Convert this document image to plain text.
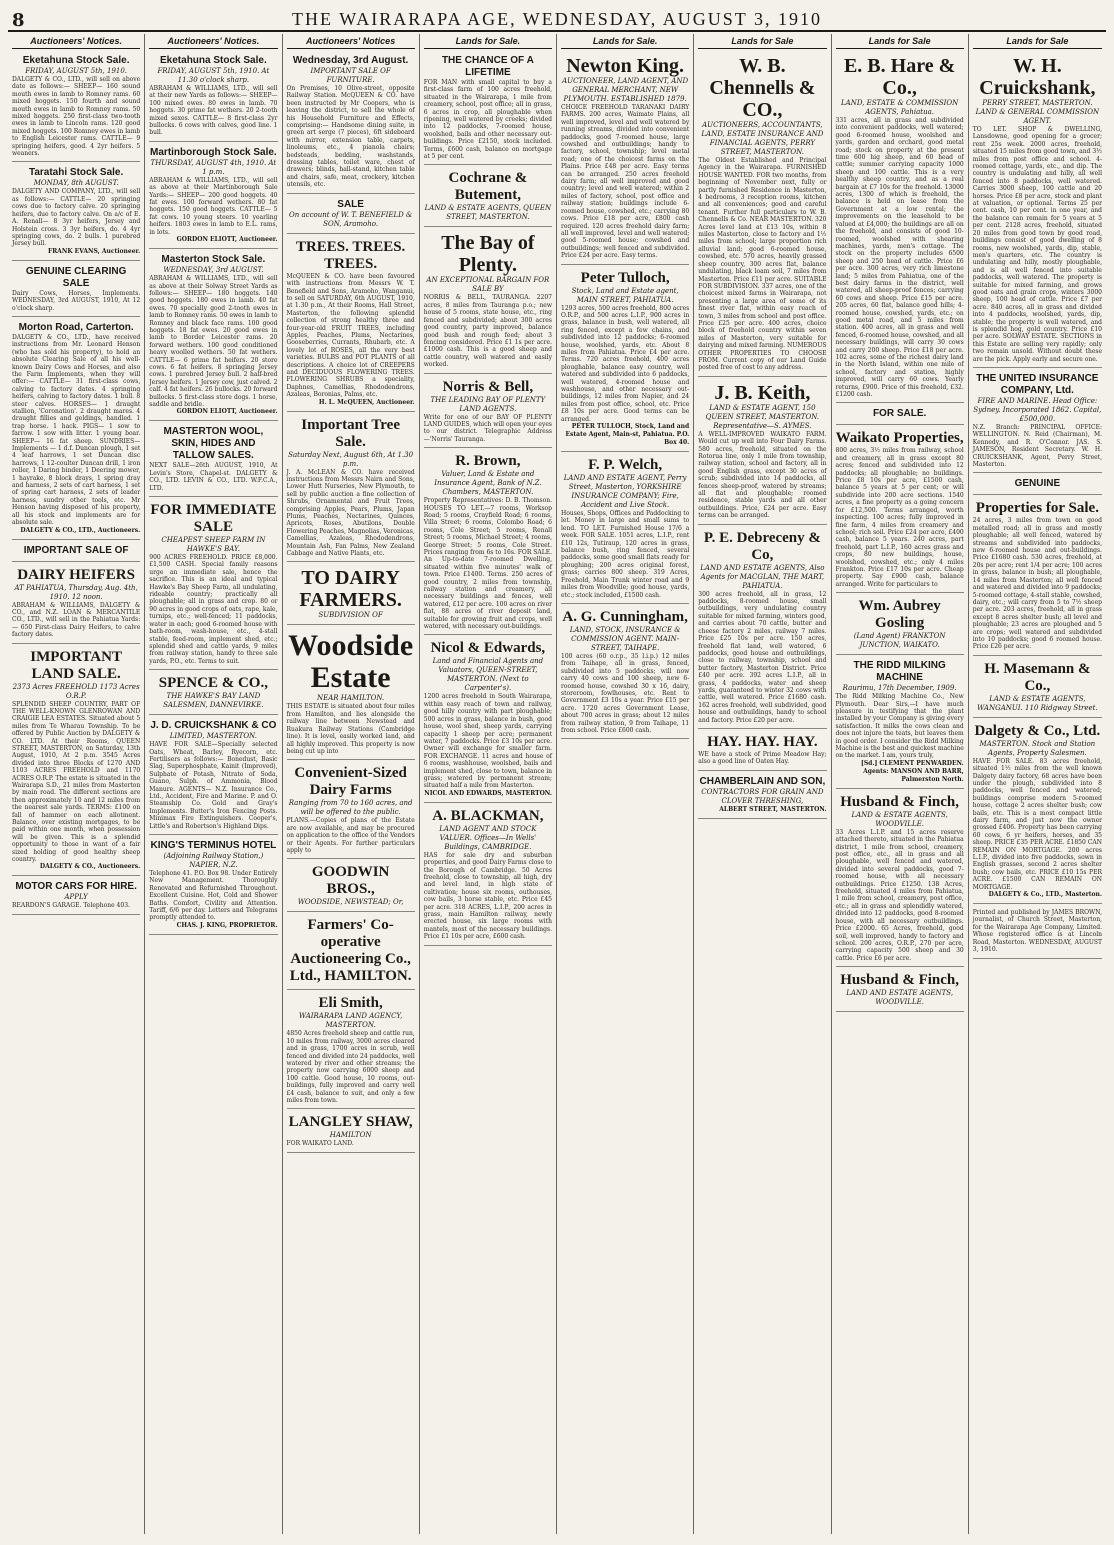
8	THE WAIRARAPA AGE, WEDNESDAY, AUGUST 3, 1910
Auctioneers' Notices.
Eketahuna Stock Sale.
FRIDAY, AUGUST 5th, 1910.
DALGETY & CO., LTD., will sell on above date as follows:— SHEEP— 160 sound mouth ewes in lamb to Romney rams. 60 mixed hoggets. 150 fourth and sound mouth ewes in lamb to Romney rams. 50 mixed hoggets. 250 first-class two-tooth ewes in lamb to Lincoln rams. 120 good mixed hoggets. 100 Romney ewes in lamb to English Leicester rams. CATTLE— 9 springing heifers, good. 4 2yr heifers. 5 weaners.
Taratahi Stock Sale.
MONDAY, 8th AUGUST.
DALGETY AND COMPANY, LTD., will sell as follows:— CATTLE— 20 springing cows due to factory calve. 20 springing heifers, due to factory calve. On a/c of E. A. Renall— 8 3yr heifers, Jersey and Holstein cross. 3 3yr heifers, do. 4 4yr springing cows, do. 2 bulls. 1 purebred Jersey bull.
FRANK EVANS, Auctioneer.
GENUINE CLEARING SALE
Dairy Cows, Horses, Implements. WEDNESDAY, 3rd AUGUST, 1910, At 12 o'clock sharp.
Morton Road, Carterton.
DALGETY & CO., LTD., have received instructions from Mr. Leonard Henson (who has sold his property), to hold an absolute Clearing Sale of all his well-known Dairy Cows and Horses, and also the Farm Implements, when they will offer:— CATTLE— 31 first-class cows, calving to factory dates. 4 springing heifers, calving to factory dates. 1 bull. 8 steer calves. HORSES— 1 draught stallion, 'Coronation'. 2 draught mares. 4 draught fillies and geldings, handled. 1 trap horse. 1 hack. PIGS— 1 sow to farrow. 1 sow with litter. 1 young boar. SHEEP— 16 fat sheep. SUNDRIES— Implements — 1 d.f. Duncan plough, 1 set 4 leaf harrows, 1 set Duncan disc harrows, 1 12-coulter Duncan drill, 1 iron roller, 1 Daring binder, 1 Deering mower, 1 hayrake, 8 block drays, 1 spring dray and harness, 2 sets of cart harness, 1 set of spring cart harness, 2 sets of leader harness, sundry other tools, etc. Mr Henson having disposed of his property, all his stock and implements are for absolute sale.
DALGETY & CO., LTD., Auctioneers.
IMPORTANT SALE OF
DAIRY HEIFERS
AT PAHIATUA, Thursday, Aug. 4th, 1910. 12 noon.
ABRAHAM & WILLIAMS, DALGETY & CO., and N.Z. LOAN & MERCANTILE CO., LTD., will sell in the Pahiatua Yards:— 650 First-class Dairy Heifers, to calve factory dates.
IMPORTANT LAND SALE.
2373 Acres FREEHOLD 1173 Acres O.R.P.
SPLENDID SHEEP COUNTRY, PART OF THE WELL-KNOWN GLENROWAN AND CRAIGIE LEA ESTATES. Situated about 5 miles from Te Wharau Township. To be offered by Public Auction by DALGETY & CO. LTD. At their Rooms, QUEEN STREET, MASTERTON, on Saturday, 13th August, 1910, At 2 p.m. 3545 Acres divided into three Blocks of 1270 AND 1103 ACRES FREEHOLD and 1170 ACRES O.R.P. The estate is situated in the Wairarapa S.D., 21 miles from Masterton by main road. The different sections are then approximately 10 and 12 miles from the nearest sale yards. TERMS: £100 on fall of hammer on each allotment. Balance, over existing mortgages, to be paid within one month, when possession will be given. This is a splendid opportunity to those in want of a fair sized holding of good healthy sheep country.
DALGETY & CO., Auctioneers.
MOTOR CARS FOR HIRE.
APPLY
REARDON'S GARAGE. Telephone 403.
Auctioneers' Notices.
Eketahuna Stock Sale.
FRIDAY, AUGUST 5th, 1910. At 11.30 o'clock sharp.
ABRAHAM & WILLIAMS, LTD., will sell at their new Yards as follows:— SHEEP— 100 mixed ewes. 80 ewes in lamb. 70 hoggets. 30 prime fat wethers. 20 2-tooth mixed sexes. CATTLE— 8 first-class 2yr bullocks. 6 cows with calves, good line. 1 bull.
Martinborough Stock Sale.
THURSDAY, AUGUST 4th, 1910. At 1 p.m.
ABRAHAM & WILLIAMS, LTD., will sell as above at their Martinborough Sale Yards:— SHEEP— 200 good hoggets. 40 fat ewes. 100 forward wethers. 80 fat hoggets. 150 good hoggets. CATTLE— 5 fat cows. 10 young steers. 10 yearling heifers. 1803 ewes in lamb to E.L. rams, in lots.
GORDON ELIOTT, Auctioneer.
Masterton Stock Sale.
WEDNESDAY, 3rd AUGUST.
ABRAHAM & WILLIAMS, LTD., will sell as above at their Solway Street Yards as follows:— SHEEP— 180 hoggets. 140 good hoggets. 180 ewes in lamb. 40 fat ewes. 70 specially good 2-tooth ewes in lamb to Romney rams. 50 ewes in lamb to Romney and black face rams. 100 good hoggets. 18 fat ewes. 20 good ewes in lamb to Border Leicester rams. 20 forward wethers. 100 good conditioned heavy woolled wethers. 50 fat wethers. CATTLE— 6 prime fat heifers. 20 store cows. 6 fat heifers. 8 springing Jersey cows. 1 purebred Jersey bull. 2 half-bred Jersey heifers. 1 Jersey cow, just calved. 2 calf. 4 fat heifers. 26 bullocks. 20 forward bullocks. 5 first-class store dogs. 1 horse, saddle and bridle.
GORDON ELIOTT, Auctioneer.
MASTERTON WOOL, SKIN, HIDES AND TALLOW SALES.
NEXT SALE—26th AUGUST, 1910, At Levin's Store, Chapel-st. DALGETY & CO., LTD. LEVIN & CO., LTD. W.F.C.A., LTD.
FOR IMMEDIATE SALE
CHEAPEST SHEEP FARM IN HAWKE'S BAY.
900 ACRES FREEHOLD. PRICE £8,000. £1,500 CASH. Special family reasons urge an immediate sale, hence the sacrifice. This is an ideal and typical Hawke's Bay Sheep Farm, all undulating, rideable country; practically all ploughable; all in grass and crop. 80 or 90 acres in good crops of oats, rape, kale, turnips, etc.; well-fenced; 11 paddocks, water in each; good 6-roomed house with bath-room, wash-house, etc., 4-stall stable, feed-room, implement shed, etc.; splendid shed and cattle yards, 9 miles from railway station, handy to three sale yards, P.O., etc. Terms to suit.
SPENCE & CO.,
THE HAWKE'S BAY LAND SALESMEN, DANNEVIRKE.
J. D. CRUICKSHANK & CO
LIMITED, MASTERTON.
HAVE FOR SALE—Specially selected Oats, Wheat, Barley, Ryecorn, etc. Fertilisers as follows:— Bonedust, Basic Slag, Superphosphate, Kainit (Improved), Sulphate of Potash, Nitrate of Soda, Guano, Sulph. of Ammonia, Blood Manure. AGENTS— N.Z. Insurance Co., Ltd., Accident, Fire and Marine. P. and O. Steamship Co. Gold and Gray's Implements. Butter's Iron Fencing Posts. Minimax Fire Extinguishers. Cooper's, Little's and Robertson's Highland Dips.
KING'S TERMINUS HOTEL
(Adjoining Railway Station,) NAPIER, N.Z.
Telephone 41. P.O. Box 98. Under Entirely New Management. Thoroughly Renovated and Refurnished Throughout. Excellent Cuisine. Hot, Cold and Shower Baths. Comfort, Civility and Attention. Tariff, 6/6 per day. Letters and Telegrams promptly attended to.
CHAS. J. KING, PROPRIETOR.
Auctioneers' Notices
Wednesday, 3rd August.
IMPORTANT SALE OF FURNITURE.
On Premises, 10 Olive-street, opposite Railway Station. McQUEEN & CO. have been instructed by Mr Coopers, who is leaving the district, to sell the whole of his Household Furniture and Effects, comprising:— Handsome dining suite, in green art serge (7 pieces), 6ft sideboard with mirror, extension table, carpets, linoleums, etc., 4 pianola chairs; bedsteads, bedding, washstands, dressing tables, toilet ware, chest of drawers; blinds, hall-stand, kitchen table and chairs, safe, meat, crockery, kitchen utensils, etc.
SALE
On account of W. T. BENEFIELD & SON, Aramoho.
TREES. TREES. TREES.
McQUEEN & CO. have been favoured with instructions from Messrs W. T. Benefield and Sons, Aramoho, Wanganui, to sell on SATURDAY, 6th AUGUST, 1910, at 1.30 p.m., At their Rooms, Hall Street, Masterton, the following splendid collection of strong healthy three and four-year-old FRUIT TREES, including Apples, Peaches, Plums, Nectarines, Gooseberries, Currants, Rhubarb, etc. A lovely lot of ROSES, all the very best varieties. BULBS and POT PLANTS of all descriptions. A choice lot of CREEPERS and DECIDUOUS FLOWERING TREES. FLOWERING SHRUBS a speciality, Daphnes, Camellias, Rhododendrons, Azaleas, Boronias, Palms, etc.
H. L. McQUEEN, Auctioneer.
Important Tree Sale.
Saturday Next, August 6th, At 1.30 p.m.
J. A. McLEAN & CO. have received instructions from Messrs Nairn and Sons, Lower Hutt Nurseries, New Plymouth, to sell by public auction a fine collection of Shrubs, Ornamental and Fruit Trees, comprising Apples, Pears, Plums, Japan Plums, Peaches, Nectarines, Quinces, Apricots, Roses, Abutilons, Double Flowering Peaches, Magnolias, Veronicas, Camellias, Azaleas, Rhododendrons, Mountain Ash, Fan Palms, New Zealand Cabbage and Native Plants, etc.
TO DAIRY FARMERS.
SUBDIVISION OF
Woodside Estate
NEAR HAMILTON.
THIS ESTATE is situated about four miles from Hamilton, and lies alongside the railway line between Newstead and Ruakura Railway Stations (Cambridge line). It is level, easily worked land, and all highly improved. This property is now being cut up into
Convenient-Sized Dairy Farms
Ranging from 70 to 160 acres, and will be offered to the public.
PLANS.—Copies of plans of the Estate are now available, and may be procured on application to the office of the Vendors or their Agents. For further particulars apply to
GOODWIN BROS.,
WOODSIDE, NEWSTEAD; Or,
Farmers' Co-operative Auctioneering Co., Ltd., HAMILTON.
Eli Smith,
WAIRARAPA LAND AGENCY, MASTERTON.
4850 Acres freehold sheep and cattle run, 10 miles from railway, 3000 acres cleared and in grass, 1700 acres in scrub, well fenced and divided into 24 paddocks, well watered by river and other streams; the property now carrying 6000 sheep and 100 cattle. Good house, 10 rooms, out-buildings, fully improved and carry well £4 cash, balance to suit, and only a few miles from town.
LANGLEY SHAW,
HAMILTON
FOR WAIKATO LAND.
Lands for Sale.
THE CHANCE OF A LIFETIME
FOR MAN with small capital to buy a first-class farm of 100 acres freehold, situated in the Wairarapa, 1 mile from creamery, school, post office; all in grass, 6 acres in crop, all ploughable when ripening, well watered by creeks; divided into 12 paddocks, 7-roomed house, woolshed, bails and other necessary out-buildings. Price £2150, stock included. Terms, £600 cash, balance on mortgage at 5 per cent.
Cochrane & Butement,
LAND & ESTATE AGENTS, QUEEN STREET, MASTERTON.
The Bay of Plenty.
AN EXCEPTIONAL BARGAIN FOR SALE BY
NORRIS & BELL, TAURANGA. 2207 acres, 8 miles from Tauranga p.o.; new house of 5 rooms, state house, etc., ring fenced and subdivided; about 300 acres good country, party improved, balance good bush and rough feed; about 3 fencing considered. Price £1 1s per acre. £1000 cash. This is a good sheep and cattle country, well watered and easily worked.
Norris & Bell,
THE LEADING BAY OF PLENTY LAND AGENTS.
Write for one of our BAY OF PLENTY LAND GUIDES, which will open your eyes to our district. Telegraphic Address—'Norris' Tauranga.
R. Brown,
Valuer, Land & Estate and Insurance Agent, Bank of N.Z. Chambers, MASTERTON.
Property Representatives: D. B. Thomson. HOUSES TO LET.—7 rooms, Worksop Road; 5 rooms, Crayfield Road; 6 rooms, Villa Street; 6 rooms, Colombo Road; 6 rooms, Cole Street; 5 rooms, Renall Street; 5 rooms, Michael Street; 4 rooms, George Street; 5 rooms, Cole Street. Prices ranging from 6s to 16s. FOR SALE. An Up-to-date 7-roomed Dwelling, situated within five minutes' walk of town. Price £1400. Terms. 250 acres of good country, 2 miles from township, railway station and creamery, all necessary buildings and fences, well watered, £12 per acre. 100 acres on river flat, 88 acres of river deposit land, suitable for growing fruit and crops, well watered, with necessary out-buildings.
Nicol & Edwards,
Land and Financial Agents and Valuators, QUEEN-STREET, MASTERTON. (Next to Carpenter's).
1200 acres freehold in South Wairarapa, within easy reach of town and railway, good hilly country with part ploughable; 500 acres in grass, balance in bush, good house, wool shed, sheep yards, carrying capacity 1 sheep per acre; permanent water, 7 paddocks. Price £3 10s per acre. Owner will exchange for smaller farm. FOR EXCHANGE. 11 acres and house of 6 rooms, washhouse, woolshed, bails and implement shed, close to town, balance in grass; watered by permanent stream; situated half a mile from Masterton.
NICOL AND EDWARDS, MASTERTON.
A. BLACKMAN,
LAND AGENT AND STOCK VALUER. Offices—In Wells' Buildings, CAMBRIDGE.
HAS for sale dry and suburban properties, and good Dairy Farms close to the Borough of Cambridge. 50 Acres freehold, close to township, all high, dry and level land, in high state of cultivation; house six rooms, outhouses, cow bails, 3 horse stable, etc. Price £45 per acre. 318 ACRES, L.I.P., 200 acres in grass, main Hamilton railway, newly erected house, six large rooms with mantels, most of the necessary buildings. Price £1 10s per acre, £600 cash.
Lands for Sale.
Newton King.
AUCTIONEER, LAND AGENT, AND GENERAL MERCHANT, NEW PLYMOUTH. ESTABLISHED 1879.
CHOICE FREEHOLD TARANAKI DAIRY FARMS. 200 acres, Waimate Plains, all well improved, level and well watered by running streams, divided into convenient paddocks, good 7-roomed house, large cowshed and outbuildings; handy to factory, school, township; level metal road; one of the choicest farms on the Plains. Price £48 per acre. Easy terms can be arranged. 250 acres freehold dairy farm; all well improved and good country; level and well watered; within 2 miles of factory, school, post office and railway station; buildings include 6-roomed house, cowshed, etc.; carrying 80 cows. Price £18 per acre, £800 cash required. 120 acres freehold dairy farm; all well improved, level and well watered; good 5-roomed house; cowshed and outbuildings; well fenced and subdivided. Price £24 per acre. Easy terms.
Peter Tulloch,
Stock, Land and Estate agent, MAIN STREET, PAHIATUA.
1293 acres, 500 acres freehold, 800 acres O.R.P., and 500 acres L.I.P., 900 acres in grass, balance in bush, well watered, all ring fenced, except a few chains, and subdivided into 12 paddocks; 6-roomed house, woolshed, yards, etc. About 8 miles from Pahiatua. Price £4 per acre. Terms. 720 acres freehold, 400 acres ploughable, balance easy country, well watered and subdivided into 6 paddocks, well watered, 4-roomed house and washhouse, and other necessary out-buildings, 12 miles from Napier, and 24 miles from post office, school, etc. Price £8 10s per acre. Good terms can be arranged.
PETER TULLOCH, Stock, Land and Estate Agent, Main-st, Pahiatua. P.O. Box 40.
F. P. Welch,
LAND AND ESTATE AGENT, Perry Street, Masterton, YORKSHIRE INSURANCE COMPANY; Fire, Accident and Live Stock.
Houses, Shops, Offices and Paddocking to let. Money in large and small sums to lend. TO LET. Furnished House 17/6 a week. FOR SALE. 1051 acres, L.I.P., rent £10 12s, Tutiraup, 120 acres in grass, balance bush, ring fenced, several paddocks, some good small flats ready for ploughing; 200 acres original forest, grass; carries 800 sheep. 319 Acres, Freehold, Main Trunk winter road and 9 miles from Woodville; good house, yards, etc.; stock included, £1500 cash.
A. G. Cunningham,
LAND, STOCK, INSURANCE & COMMISSION AGENT. MAIN-STREET, TAIHAPE.
100 acres (60 o.r.p., 35 l.i.p.) 12 miles from Taihape, all in grass, fenced, subdivided into 5 paddocks; will now carry 40 cows and 100 sheep, new 6-roomed house, cowshed 30 x 16, dairy, storeroom, fowlhouses, etc. Rent to Government £3 10s a year. Price £15 per acre. 1720 acres Government Lease, about 700 acres in grass; about 12 miles from railway station, 9 from Taihape, 11 from school. Price £600 cash.
Lands for Sale
W. B. Chennells & CO.,
AUCTIONEERS, ACCOUNTANTS, LAND, ESTATE INSURANCE AND FINANCIAL AGENTS, PERRY STREET, MASTERTON.
The Oldest Established and Principal Agency in the Wairarapa. FURNISHED HOUSE WANTED. FOR two months, from beginning of November next, fully or partly furnished Residence in Masterton, 4 bedrooms, 3 reception rooms, kitchen and all conveniences; good and careful tenant. Further full particulars to W. B. Chennells & Co. NEAR MASTERTON. 320 Acres level land at £13 10s, within 8 miles Masterton, close to factory and 1½ miles from school; large proportion rich alluvial land; good 6-roomed house, cowshed, etc. 570 acres, heavily grassed sheep country, 300 acres flat, balance undulating, black loam soil, 7 miles from Masterton. Price £11 per acre. SUITABLE FOR SUBDIVISION. 337 acres, one of the choicest mixed farms in Wairarapa, not presenting a large area of some of its finest river flat, within easy reach of town, 3 miles from school and post office. Price £25 per acre. 400 acres, choice block of freehold country within seven miles of Masterton, very suitable for dairying and mixed farming. NUMEROUS OTHER PROPERTIES TO CHOOSE FROM. Current copy of our Land Guide posted free of cost to any address.
J. B. Keith,
LAND & ESTATE AGENT, 150 QUEEN STREET, MASTERTON. Representative—S. AYMES.
A WELL-IMPROVED WAIKATO FARM. Would cut up well into Four Dairy Farms. 580 acres, freehold, situated on the Rotorua line, only 1 mile from township, railway station, school and factory, all in good English grass, except 30 acres of scrub; subdivided into 14 paddocks, all fences sheep-proof, watered by streams; all flat and ploughable; roomed residence, stable yards and all other outbuildings. Price, £24 per acre. Easy terms can be arranged.
P. E. Debreceny & Co,
LAND AND ESTATE AGENTS, Also Agents for MACGLAN, THE MART, PAHIATUA.
300 acres freehold, all in grass, 12 paddocks, 8-roomed house, small outbuildings, very undulating country suitable for mixed farming, winters good, and carries about 70 cattle, butter and cheese factory 2 miles, railway 7 miles. Price £25 10s per acre. 150 acres, freehold flat land, well watered, 6 paddocks, good house and outbuildings, close to railway, township, school and butter factory, Masterton District. Price £40 per acre. 392 acres L.I.P., all in grass, 4 paddocks, water and sheep yards, guaranteed to winter 32 cows with cattle, well watered. Price £1680 cash. 162 acres freehold, well subdivided, good house and outbuildings, handy to school and factory. Price £20 per acre.
HAY. HAY. HAY.
WE have a stock of Prime Meadow Hay; also a good line of Oaten Hay.
CHAMBERLAIN AND SON,
CONTRACTORS FOR GRAIN AND CLOVER THRESHING,
ALBERT STREET, MASTERTON.
Lands for Sale
E. B. Hare & Co.,
LAND, ESTATE & COMMISSION AGENTS, Pahiatua.
331 acres, all in grass and subdivided into convenient paddocks, well watered; good 6-roomed house, woolshed and yards, garden and orchard, good metal road; stock on property at the present time 600 hig sheep, and 60 head of cattle; summer carrying capacity 1000 sheep and 100 cattle. This is a very healthy sheep country, and as a real bargain at £7 10s for the freehold. 13000 acres, 1300 of which is freehold, the balance is held on lease from the Government at a low rental; the improvements on the leasehold to be valued at £4,000; the buildings are all on the freehold, and consists of good 10-roomed, woolshed with shearing machines, yards, men's cottage. The stock on the property includes 6500 sheep and 250 head of cattle. Price £6 per acre. 300 acres, very rich limestone land; 5 miles from Pahiatua, one of the best dairy farms in the district, well watered, all sheep-proof fences; carrying 60 cows and sheep. Price £15 per acre. 205 acres, 60 flat, balance good hills; 4-roomed house, cowshed, yards, etc.; on good metal road, and 5 miles from station. 400 acres, all in grass and well fenced, 6-roomed house, cowshed, and all necessary buildings, will carry 30 cows and carry 200 sheep. Price £18 per acre. 102 acres, some of the richest dairy land in the North Island, within one mile of school, factory and station, highly improved, will carry 60 cows. Yearly returns, £900. Price of this freehold, £32. £1200 cash.
FOR SALE.
Waikato Properties,
800 acres, 3½ miles from railway, school and creamery, all in grass except 80 acres; fenced and subdivided into 12 paddocks; all ploughable; no buildings. Price £8 10s per acre, £1500 cash, balance 5 years at 5 per cent; or will subdivide into 200 acre sections. 1540 acres, a fine property as a going concern for £12,500. Terms arranged, worth inspecting. 100 acres; fully improved in fine farm, 4 miles from creamery and school; rich soil. Price £24 per acre, £400 cash, balance 5 years. 240 acres, part freehold, part L.I.P., 160 acres grass and crops, 80 new buildings, house, woolshed, cowshed, etc.; only 4 miles Frankton. Price £17 10s per acre. Cheap property. Say £900 cash, balance arranged. Write for particulars to
Wm. Aubrey Gosling
(Land Agent) FRANKTON JUNCTION, WAIKATO.
THE RIDD MILKING MACHINE
Raurimu, 17th December, 1909.
The Ridd Milking Machine Co., New Plymouth. Dear Sirs,—I have much pleasure in testifying that the plant installed by your Company is giving every satisfaction. It milks the cows clean and does not injure the teats, but leaves them in good order. I consider the Ridd Milking Machine is the best and quickest machine on the market. I am, yours truly,
[Sd.] CLEMENT PENWARDEN. Agents: MANSON AND BARR, Palmerston North.
Husband & Finch,
LAND & ESTATE AGENTS, WOODVILLE.
33 Acres L.I.P. and 15 acres reserve attached thereto, situated in the Pahiatua district, 1 mile from school, creamery, post office, etc., all in grass and all ploughable, well fenced and watered, divided into several paddocks, good 7-roomed house, with all necessary outbuildings. Price £1250. 138 Acres, freehold, situated 4 miles from Pahiatua, 1 mile from school, creamery, post office, etc.; all in grass and splendidly watered, divided into 12 paddocks, good 8-roomed house, with all necessary outbuildings. Price £2000. 65 Acres, freehold, good soil, well improved, handy to factory and school. 200 acres, O.R.P., 270 per acre, carrying capacity 500 sheep and 30 cattle. Price £6 per acre.
Husband & Finch,
LAND AND ESTATE AGENTS, WOODVILLE.
Lands for Sale
W. H. Cruickshank,
PERRY STREET, MASTERTON. LAND & GENERAL COMMISSION AGENT.
TO LET. SHOP & DWELLING, Lansdowne, good opening for a grocer; rent 25s week. 2000 acres, freehold, situated 15 miles from good town, and 3½ miles from post office and school. 4-roomed cottage, yards, etc., and dip. The country is undulating and hilly, all well fenced into 8 paddocks, well watered. Carries 3000 sheep, 100 cattle and 20 horses. Price £8 per acre, stock and plant at valuation, or optional. Terms 25 per cent. cash, 10 per cent. in one year, and the balance can remain for 5 years at 5 per cent. 2128 acres, freehold, situated 20 miles from good town by good road, buildings consist of good dwelling of 8 rooms, new woolshed, yards, dip, stable, men's quarters, etc. The country is undulating and hilly, mostly ploughable, and is all well fenced into suitable paddocks, well watered. The property is suitable for mixed farming, and grows good oats and grain crops, winters 3000 sheep, 100 head of cattle. Price £7 per acre. 840 acres, all in grass and divided into 4 paddocks, woolshed, yards, dip, stable; the property is well watered, and is splendid hog, gold country. Price £10 per acre. SOLWAY ESTATE. SECTIONS in this Estate are selling very rapidly; only two remain unsold. Without doubt these are the pick. Apply early and secure one.
THE UNITED INSURANCE COMPANY, Ltd.
FIRE AND MARINE. Head Office: Sydney. Incorporated 1862. Capital, £500,000.
N.Z. Branch: PRINCIPAL OFFICE: WELLINGTON. N. Reid (Chairman), M. Kennedy, and R. O'Connor. JAS. S. JAMESON, Resident Secretary. W. H. CRUICKSHANK, Agent, Perry Street, Masterton.
GENUINE
Properties for Sale.
24 acres, 3 miles from town on good metalled road; all in grass and mostly ploughable; all well fenced, watered by streams and subdivided into paddocks, new 6-roomed house and out-buildings. Price £1680 cash. 530 acres, freehold, at 20s per acre; rent 1/4 per acre; 100 acres in grass, balance in bush; all ploughable, 14 miles from Masterton; all well fenced and watered and divided into 9 paddocks; 5-roomed cottage, 4-stall stable, cowshed, dairy, etc.; will carry from 5 to 7½ sheep per acre. 203 acres, freehold, all in grass except 8 acres shelter bush; all level and ploughable; 23 acres are ploughed and 5 are crops; well watered and subdivided into 10 paddocks; good 6 roomed house. Price £26 per acre.
H. Masemann & Co.,
LAND & ESTATE AGENTS, WANGANUI. 110 Ridgway Street.
Dalgety & Co., Ltd.
MASTERTON. Stock and Station Agents, Property Salesmen.
HAVE FOR SALE. 83 acres freehold, situated 1½ miles from the well known Dalgety dairy factory, 68 acres have been under the plough, subdivided into 8 paddocks, well fenced and watered; buildings comprise modern 5-roomed house, cottage 2 acres shelter bush; cow bails, etc. This is a most compact little dairy farm, and just now the owner grossed £406. Property has been carrying 60 cows, 6 yr heifers, horses, and 35 sheep. PRICE £35 PER ACRE. £1850 CAN REMAIN ON MORTGAGE. 200 acres L.I.P., divided into five paddocks, sown in English grasses, second 2 acres shelter bush; cow bails, etc. PRICE £10 15s PER ACRE. £1500 CAN REMAIN ON MORTGAGE.
DALGETY & Co., LTD., Masterton.
Printed and published by JAMES BROWN, journalist, of Church Street, Masterton, for the Wairarapa Age Company, Limited. Whose registered office is at Lincoln Road, Masterton. WEDNESDAY, AUGUST 3, 1910.
